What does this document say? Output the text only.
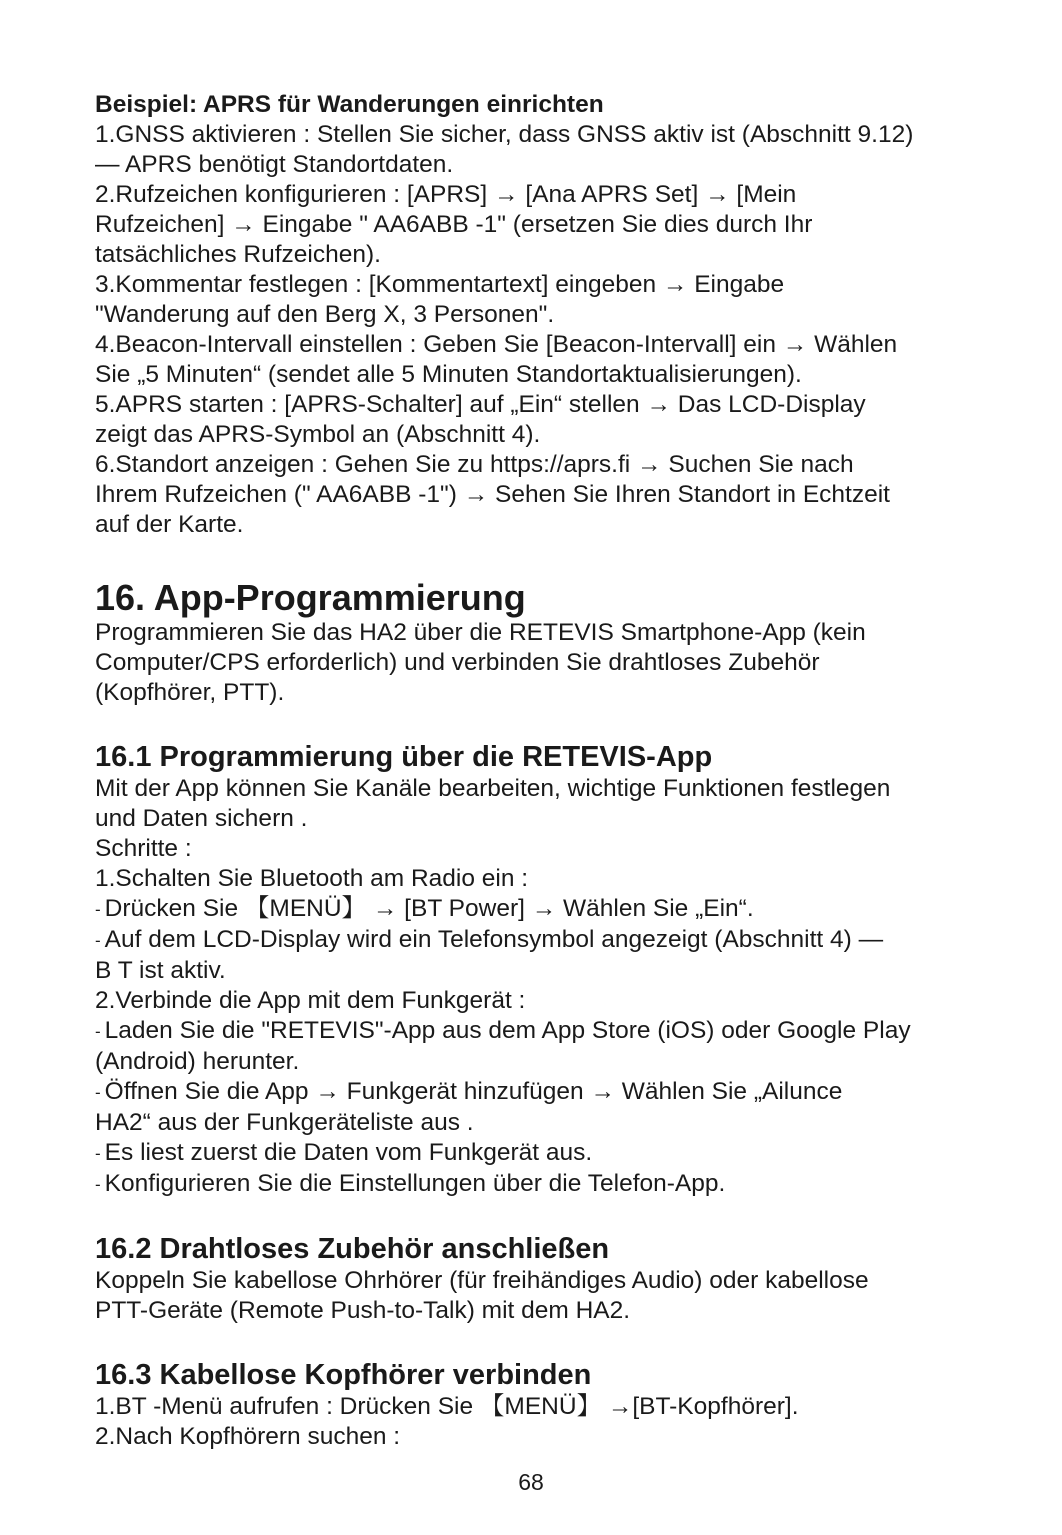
Beispiel: APRS für Wanderungen einrichten

1.GNSS aktivieren : Stellen Sie sicher, dass GNSS aktiv ist (Abschnitt 9.12)

— APRS benötigt Standortdaten.

2.Rufzeichen konfigurieren : [APRS] → [Ana APRS Set] → [Mein

Rufzeichen] → Eingabe " AA6ABB -1" (ersetzen Sie dies durch Ihr

tatsächliches Rufzeichen).

3.Kommentar festlegen : [Kommentartext] eingeben → Eingabe

"Wanderung auf den Berg X, 3 Personen".

4.Beacon-Intervall einstellen : Geben Sie [Beacon-Intervall] ein → Wählen

Sie „5 Minuten“ (sendet alle 5 Minuten Standortaktualisierungen).

5.APRS starten : [APRS-Schalter] auf „Ein“ stellen → Das LCD-Display

zeigt das APRS-Symbol an (Abschnitt 4).

6.Standort anzeigen : Gehen Sie zu https://aprs.fi → Suchen Sie nach

Ihrem Rufzeichen (" AA6ABB -1") → Sehen Sie Ihren Standort in Echtzeit

auf der Karte.

16. App-Programmierung

Programmieren Sie das HA2 über die RETEVIS Smartphone-App (kein

Computer/CPS erforderlich) und verbinden Sie drahtloses Zubehör

(Kopfhörer, PTT).

16.1 Programmierung über die RETEVIS-App

Mit der App können Sie Kanäle bearbeiten, wichtige Funktionen festlegen

und Daten sichern .

Schritte :

1.Schalten Sie Bluetooth am Radio ein :

- Drücken Sie 【MENÜ】 → [BT Power] → Wählen Sie „Ein“.

- Auf dem LCD-Display wird ein Telefonsymbol angezeigt (Abschnitt 4) —

B T ist aktiv.

2.Verbinde die App mit dem Funkgerät :

- Laden Sie die "RETEVIS"-App aus dem App Store (iOS) oder Google Play

(Android) herunter.

- Öffnen Sie die App → Funkgerät hinzufügen → Wählen Sie „Ailunce

HA2“ aus der Funkgeräteliste aus .

- Es liest zuerst die Daten vom Funkgerät aus.

- Konfigurieren Sie die Einstellungen über die Telefon-App.

16.2 Drahtloses Zubehör anschließen

Koppeln Sie kabellose Ohrhörer (für freihändiges Audio) oder kabellose

PTT-Geräte (Remote Push-to-Talk) mit dem HA2.

16.3 Kabellose Kopfhörer verbinden

1.BT -Menü aufrufen : Drücken Sie 【MENÜ】 →[BT-Kopfhörer].

2.Nach Kopfhörern suchen :

68
